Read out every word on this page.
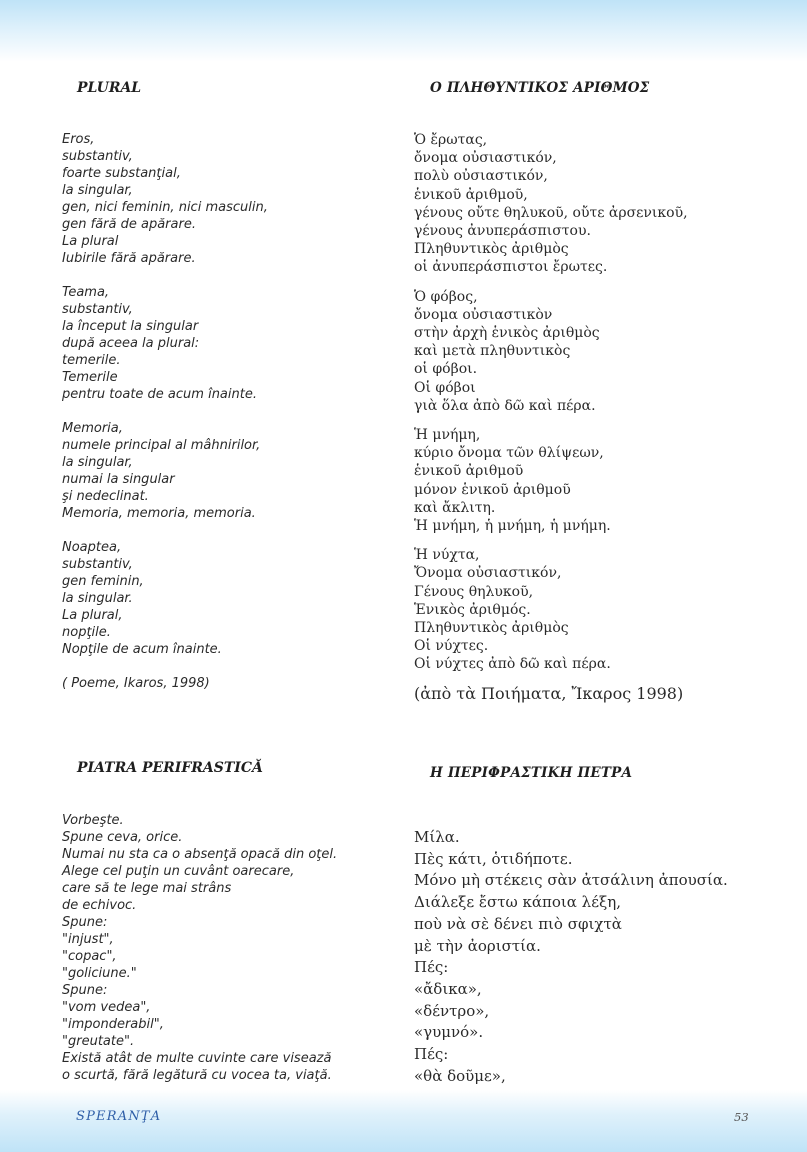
PLURAL	Ο ΠΛΗΘΥΝΤΙΚΟΣ ΑΡΙΘΜΟΣ
Eros,
substantiv,
foarte substanţial,
la singular,
gen, nici feminin, nici masculin,
gen fără de apărare.
La plural
Iubirile fără apărare.
Teama,
substantiv,
la început la singular
după aceea la plural:
temerile.
Temerile
pentru toate de acum înainte.
Memoria,
numele principal al mâhnirilor,
la singular,
numai la singular
şi nedeclinat.
Memoria, memoria, memoria.
Noaptea,
substantiv,
gen feminin,
la singular.
La plural,
nopţile.
Nopţile de acum înainte.
( Poeme, Ikaros, 1998)
Ὁ ἔρωτας,
ὄνομα οὐσιαστικόν,
πολὺ οὐσιαστικόν,
ἑνικοῦ ἀριθμοῦ,
γένους οὔτε θηλυκοῦ, οὔτε ἀρσενικοῦ,
γένους ἀνυπεράσπιστου.
Πληθυντικὸς ἀριθμὸς
οἱ ἀνυπεράσπιστοι ἔρωτες.
Ὁ φόβος,
ὄνομα οὐσιαστικὸν
στὴν ἀρχὴ ἑνικὸς ἀριθμὸς
καὶ μετὰ πληθυντικὸς
οἱ φόβοι.
Οἱ φόβοι
γιὰ ὅλα ἀπὸ δῶ καὶ πέρα.
Ἡ μνήμη,
κύριο ὄνομα τῶν θλίψεων,
ἑνικοῦ ἀριθμοῦ
μόνον ἑνικοῦ ἀριθμοῦ
καὶ ἄκλιτη.
Ἡ μνήμη, ἡ μνήμη, ἡ μνήμη.
Ἡ νύχτα,
Ὄνομα οὐσιαστικόν,
Γένους θηλυκοῦ,
Ἑνικὸς ἀριθμός.
Πληθυντικὸς ἀριθμὸς
Οἱ νύχτες.
Οἱ νύχτες ἀπὸ δῶ καὶ πέρα.
(ἀπὸ τὰ Ποιήματα, Ἴκαρος 1998)
PIATRA PERIFRASTICĂ	Η ΠΕΡΙΦΡΑΣΤΙΚΗ ΠΕΤΡΑ
Vorbeşte.
Spune ceva, orice.
Numai nu sta ca o absenţă opacă din oţel.
Alege cel puţin un cuvânt oarecare,
care să te lege mai strâns
de echivoc.
Spune:
"injust",
"copac",
"goliciune."
Spune:
"vom vedea",
"imponderabil",
"greutate".
Există atât de multe cuvinte care visează
o scurtă, fără legătură cu vocea ta, viaţă.
Μίλα.
Πὲς κάτι, ὁτιδήποτε.
Μόνο μὴ στέκεις σὰν ἀτσάλινη ἀπουσία.
Διάλεξε ἔστω κάποια λέξη,
ποὺ νὰ σὲ δένει πιὸ σφιχτὰ
μὲ τὴν ἀοριστία.
Πές:
«ἄδικα»,
«δέντρο»,
«γυμνό».
Πές:
«θὰ δοῦμε»,
SPERANŢA	53
